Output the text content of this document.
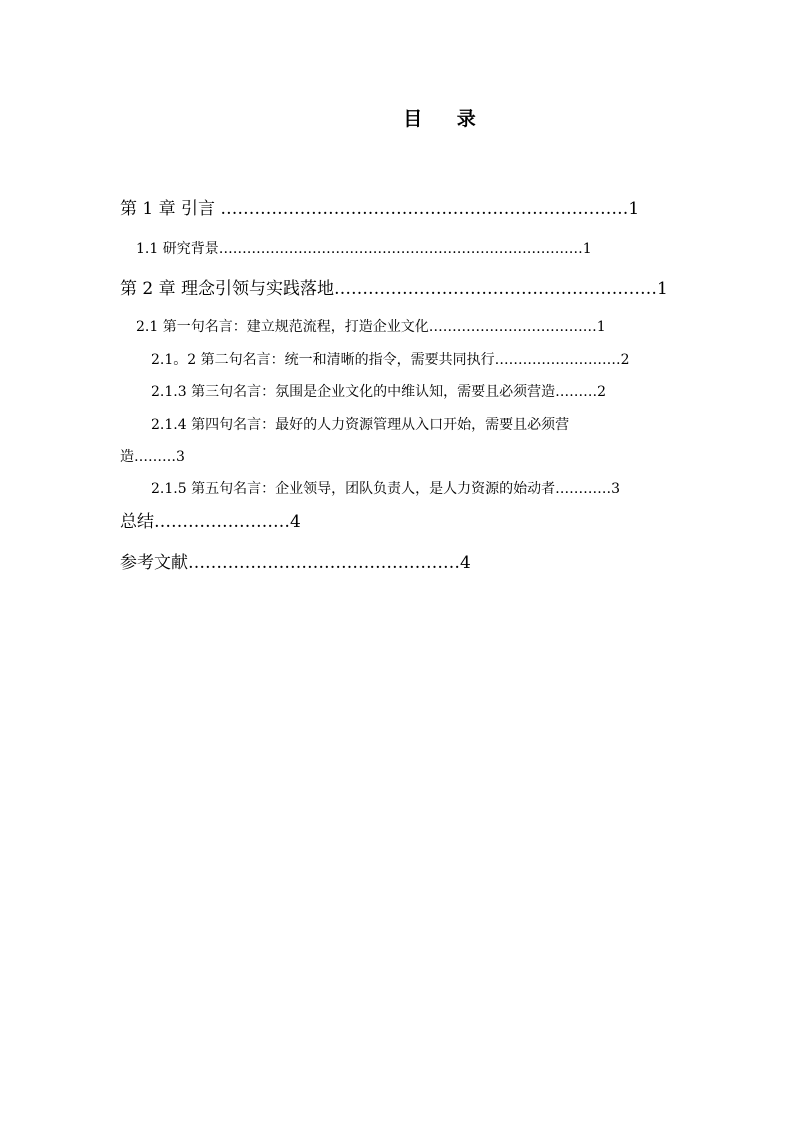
目 录
第 1 章 引言 ………………………………………………………………1
1.1 研究背景……………………………………………………………………1
第 2 章 理念引领与实践落地…………………………………………………1
2.1 第一句名言：建立规范流程，打造企业文化………………………………1
2.1。2 第二句名言：统一和清晰的指令，需要共同执行………………………2
2.1.3 第三句名言：氛围是企业文化的中维认知，需要且必须营造………2
2.1.4 第四句名言：最好的人力资源管理从入口开始，需要且必须营
造………3
2.1.5 第五句名言：企业领导，团队负责人，是人力资源的始动者…………3
总结……………………4
参考文献…………………………………………4
